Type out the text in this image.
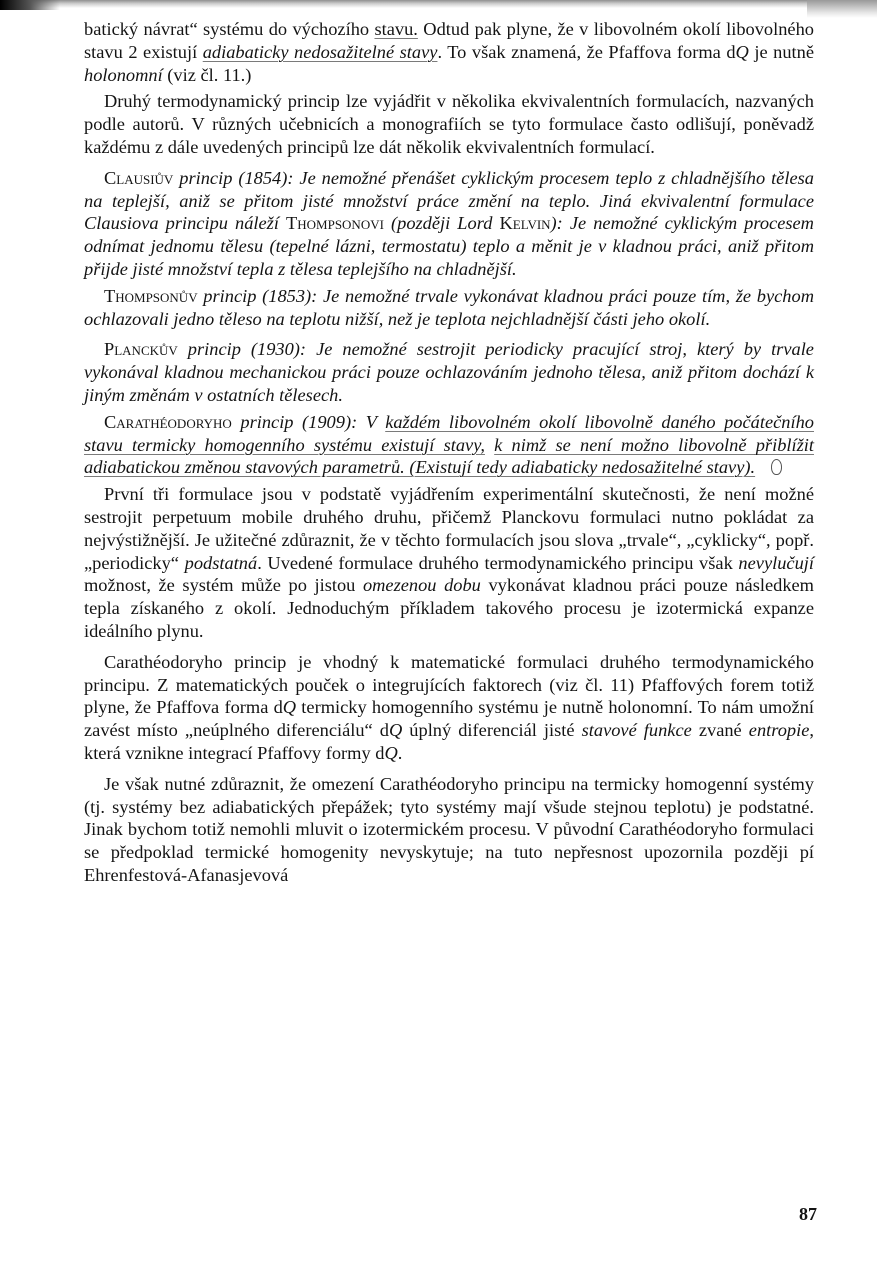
batický návrat“ systému do výchozího stavu. Odtud pak plyne, že v libovolném okolí libovolného stavu 2 existují adiabaticky nedosažitelné stavy. To však znamená, že Pfaffova forma dQ je nutně holonomní (viz čl. 11.)

Druhý termodynamický princip lze vyjádřit v několika ekvivalentních formulacích, nazvaných podle autorů. V různých učebnicích a monografiích se tyto formulace často odlišují, poněvadž každému z dále uvedených principů lze dát několik ekvivalentních formulací.

Clausiův princip (1854): Je nemožné přenášet cyklickým procesem teplo z chladnějšího tělesa na teplejší, aniž se přitom jisté množství práce změní na teplo. Jiná ekvivalentní formulace Clausiova principu náleží Thompsonovi (později Lord Kelvin): Je nemožné cyklickým procesem odnímat jednomu tělesu (tepelné lázni, termostatu) teplo a měnit je v kladnou práci, aniž přitom přijde jisté množství tepla z tělesa teplejšího na chladnější.

Thompsonův princip (1853): Je nemožné trvale vykonávat kladnou práci pouze tím, že bychom ochlazovali jedno těleso na teplotu nižší, než je teplota nejchladnější části jeho okolí.

Planckův princip (1930): Je nemožné sestrojit periodicky pracující stroj, který by trvale vykonával kladnou mechanickou práci pouze ochlazováním jednoho tělesa, aniž přitom dochází k jiným změnám v ostatních tělesech.

Carathéodoryho princip (1909): V každém libovolném okolí libovolně daného počátečního stavu termicky homogenního systému existují stavy, k nimž se není možno libovolně přiblížit adiabatickou změnou stavových parametrů. (Existují tedy adiabaticky nedosažitelné stavy).

První tři formulace jsou v podstatě vyjádřením experimentální skutečnosti, že není možné sestrojit perpetuum mobile druhého druhu, přičemž Planckovu formulaci nutno pokládat za nejvýstižnější. Je užitečné zdůraznit, že v těchto formulacích jsou slova „trvale“, „cyklicky“, popř. „periodicky“ podstatná. Uvedené formulace druhého termodynamického principu však nevylučují možnost, že systém může po jistou omezenou dobu vykonávat kladnou práci pouze následkem tepla získaného z okolí. Jednoduchým příkladem takového procesu je izotermická expanze ideálního plynu.

Carathéodoryho princip je vhodný k matematické formulaci druhého termodynamického principu. Z matematických pouček o integrujících faktorech (viz čl. 11) Pfaffových forem totiž plyne, že Pfaffova forma dQ termicky homogenního systému je nutně holonomní. To nám umožní zavést místo „neúplného diferenciálu“ dQ úplný diferenciál jisté stavové funkce zvané entropie, která vznikne integrací Pfaffovy formy dQ.

Je však nutné zdůraznit, že omezení Carathéodoryho principu na termicky homogenní systémy (tj. systémy bez adiabatických přepážek; tyto systémy mají všude stejnou teplotu) je podstatné. Jinak bychom totiž nemohli mluvit o izotermickém procesu. V původní Carathéodoryho formulaci se předpoklad termické homogenity nevyskytuje; na tuto nepřesnost upozornila později pí Ehrenfestová-Afanasjevová

87
